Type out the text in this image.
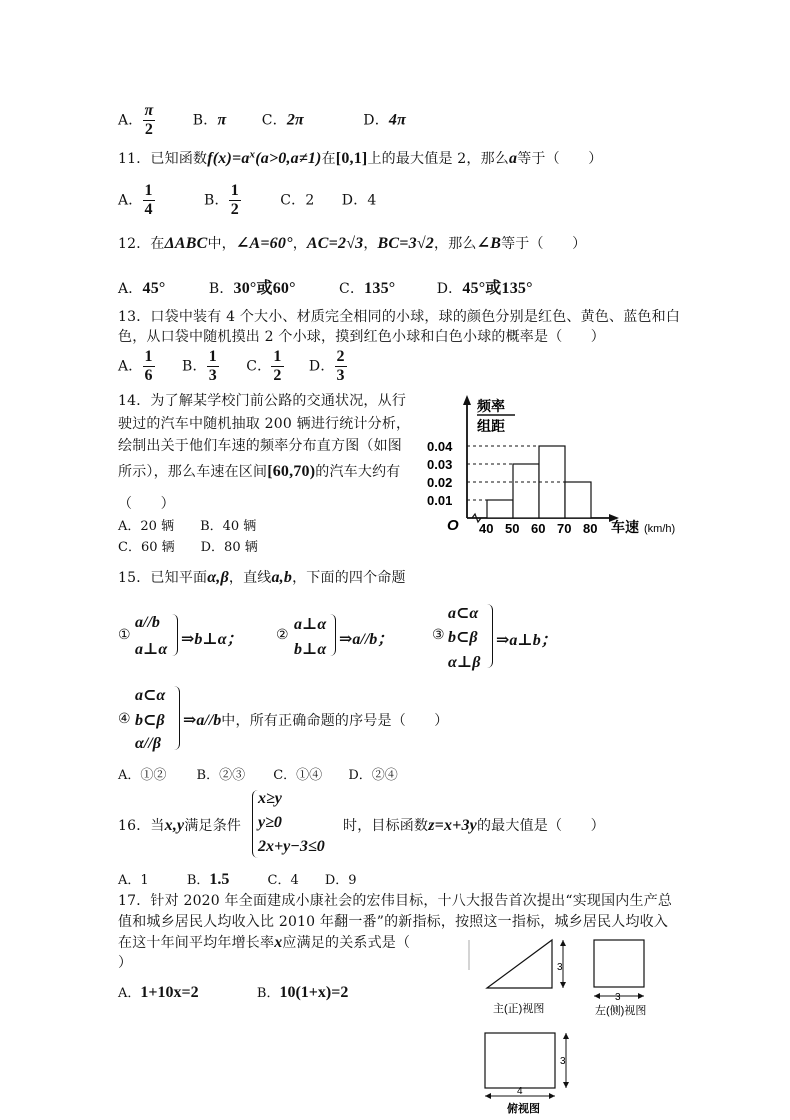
A． $\frac{\pi}{2}$	B．π	C．2π	D．4π
11．已知函数$f(x)=a^x(a>0,a\ne 1)$在[0,1]上的最大值是 2，那么a等于（　　）
A． $\frac{1}{4}$	B． $\frac{1}{2}$	C．2 D．4
12．在ΔABC中，∠A=60°，AC=2√3，BC=3√2，那么∠B等于（　　）
A．45°	B．30°或60°	C．135°	D．45°或135°
13．口袋中装有 4 个大小、材质完全相同的小球，球的颜色分别是红色、黄色、蓝色和白
色，从口袋中随机摸出 2 个小球，摸到红色小球和白色小球的概率是（　　）
A． $\frac{1}{6}$ B． $\frac{1}{3}$ C． $\frac{1}{2}$ D． $\frac{2}{3}$
14．为了解某学校门前公路的交通状况，从行
驶过的汽车中随机抽取 200 辆进行统计分析，
绘制出关于他们车速的频率分布直方图（如图
所示），那么车速在区间[60,70)的汽车大约有
（　　）
A．20 辆 B．40 辆
C．60 辆 D．80 辆
频率
组距
O	车速 (km/h)
0.01
0.02
0.03
0.04
40 50 60 70 80
15．已知平面α,β，直线a,b，下面的四个命题
①
a//b
a⊥α
⇒b⊥α； ②
a⊥α
b⊥α
⇒a//b；	③
a⊂α
b⊂β
α⊥β
⇒a⊥b；
a⊂α
④ b⊂β
α//β
⇒a//b中，所有正确命题的序号是（　　）
A．①② B．②③ C．①④ D．②④
16．当x,y满足条件
x≥y
y≥0
2x+y−3≤0
时，目标函数z=x+3y的最大值是（　　）
A．1	B．1.5	C．4 D．9
17．针对 2020 年全面建成小康社会的宏伟目标，十八大报告首次提出“实现国内生产总
值和城乡居民人均收入比 2010 年翻一番”的新指标，按照这一指标，城乡居民人均收入
在这十年间平均年增长率x应满足的关系式是（
）
A．1+10x=2	B．10(1+x)=2
3
主(正)视图
3
左(侧)视图
3
4
俯视图
